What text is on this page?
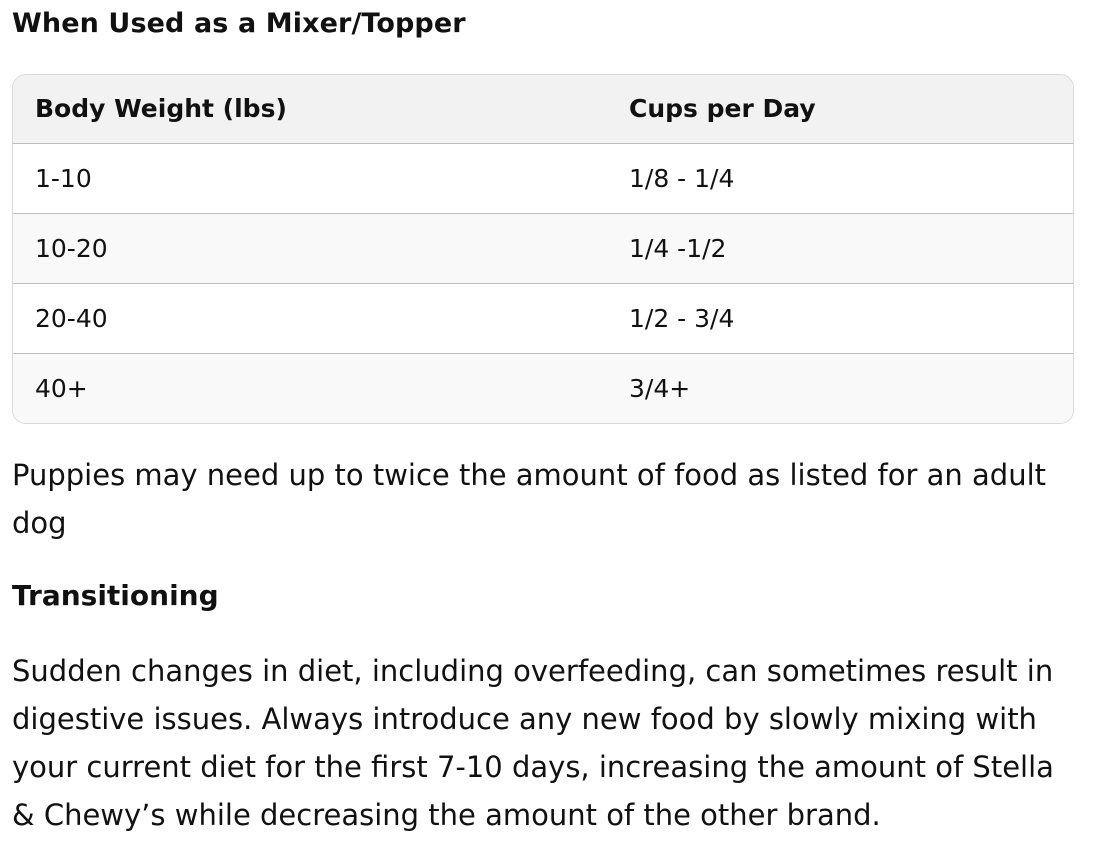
When Used as a Mixer/Topper
Body Weight (lbs)	Cups per Day
1-10	1/8 - 1/4
10-20	1/4 -1/2
20-40	1/2 - 3/4
40+	3/4+
Puppies may need up to twice the amount of food as listed for an adult dog
Transitioning
Sudden changes in diet, including overfeeding, can sometimes result in digestive issues. Always introduce any new food by slowly mixing with your current diet for the first 7-10 days, increasing the amount of Stella & Chewy’s while decreasing the amount of the other brand.
